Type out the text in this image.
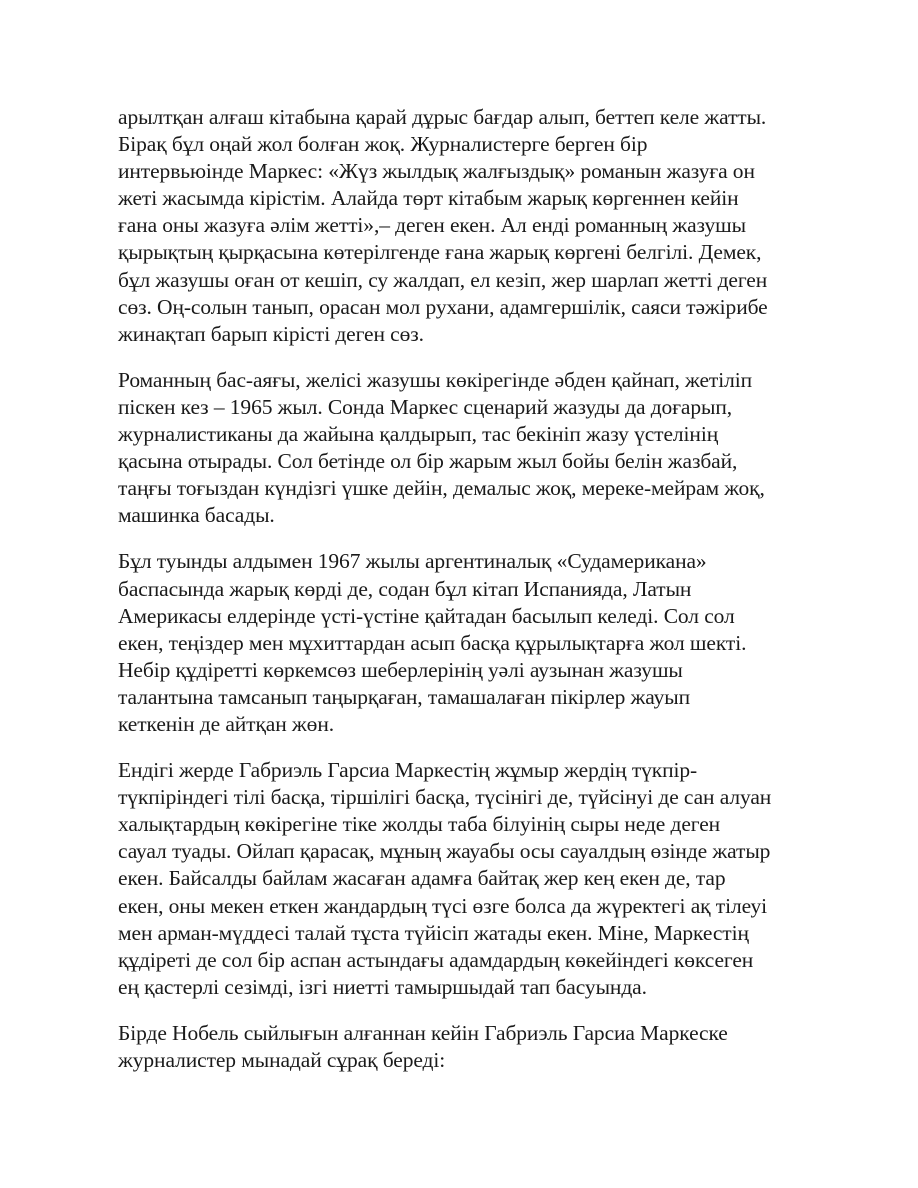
арылтқан алғаш кітабына қарай дұрыс бағдар алып, беттеп келе жатты.
Бірақ бұл оңай жол болған жоқ. Журналистерге берген бір
интервьюінде Маркес: «Жүз жылдық жалғыздық» романын жазуға он
жеті жасымда кірістім. Алайда төрт кітабым жарық көргеннен кейін
ғана оны жазуға әлім жетті»,– деген екен. Ал енді романның жазушы
қырықтың қырқасына көтерілгенде ғана жарық көргені белгілі. Демек,
бұл жазушы оған от кешіп, су жалдап, ел кезіп, жер шарлап жетті деген
сөз. Оң-солын танып, орасан мол рухани, адамгершілік, саяси тәжірибе
жинақтап барып кірісті деген сөз.

Романның бас-аяғы, желісі жазушы көкірегінде әбден қайнап, жетіліп
піскен кез – 1965 жыл. Сонда Маркес сценарий жазуды да доғарып,
журналистиканы да жайына қалдырып, тас бекініп жазу үстелінің
қасына отырады. Сол бетінде ол бір жарым жыл бойы белін жазбай,
таңғы тоғыздан күндізгі үшке дейін, демалыс жоқ, мереке-мейрам жоқ,
машинка басады.

Бұл туынды алдымен 1967 жылы аргентиналық «Судамерикана»
баспасында жарық көрді де, содан бұл кітап Испанияда, Латын
Америкасы елдерінде үсті-үстіне қайтадан басылып келеді. Сол сол
екен, теңіздер мен мұхиттардан асып басқа құрылықтарға жол шекті.
Небір құдіретті көркемсөз шеберлерінің уәлі аузынан жазушы
талантына тамсанып таңырқаған, тамашалаған пікірлер жауып
кеткенін де айтқан жөн.

Ендігі жерде Габриэль Гарсиа Маркестің жұмыр жердің түкпір-
түкпіріндегі тілі басқа, тіршілігі басқа, түсінігі де, түйсінуі де сан алуан
халықтардың көкірегіне тіке жолды таба білуінің сыры неде деген
сауал туады. Ойлап қарасақ, мұның жауабы осы сауалдың өзінде жатыр
екен. Байсалды байлам жасаған адамға байтақ жер кең екен де, тар
екен, оны мекен еткен жандардың түсі өзге болса да жүректегі ақ тілеуі
мен арман-мүддесі талай тұста түйісіп жатады екен. Міне, Маркестің
құдіреті де сол бір аспан астындағы адамдардың көкейіндегі көксеген
ең қастерлі сезімді, ізгі ниетті тамыршыдай тап басуында.

Бірде Нобель сыйлығын алғаннан кейін Габриэль Гарсиа Маркеске
журналистер мынадай сұрақ береді:
